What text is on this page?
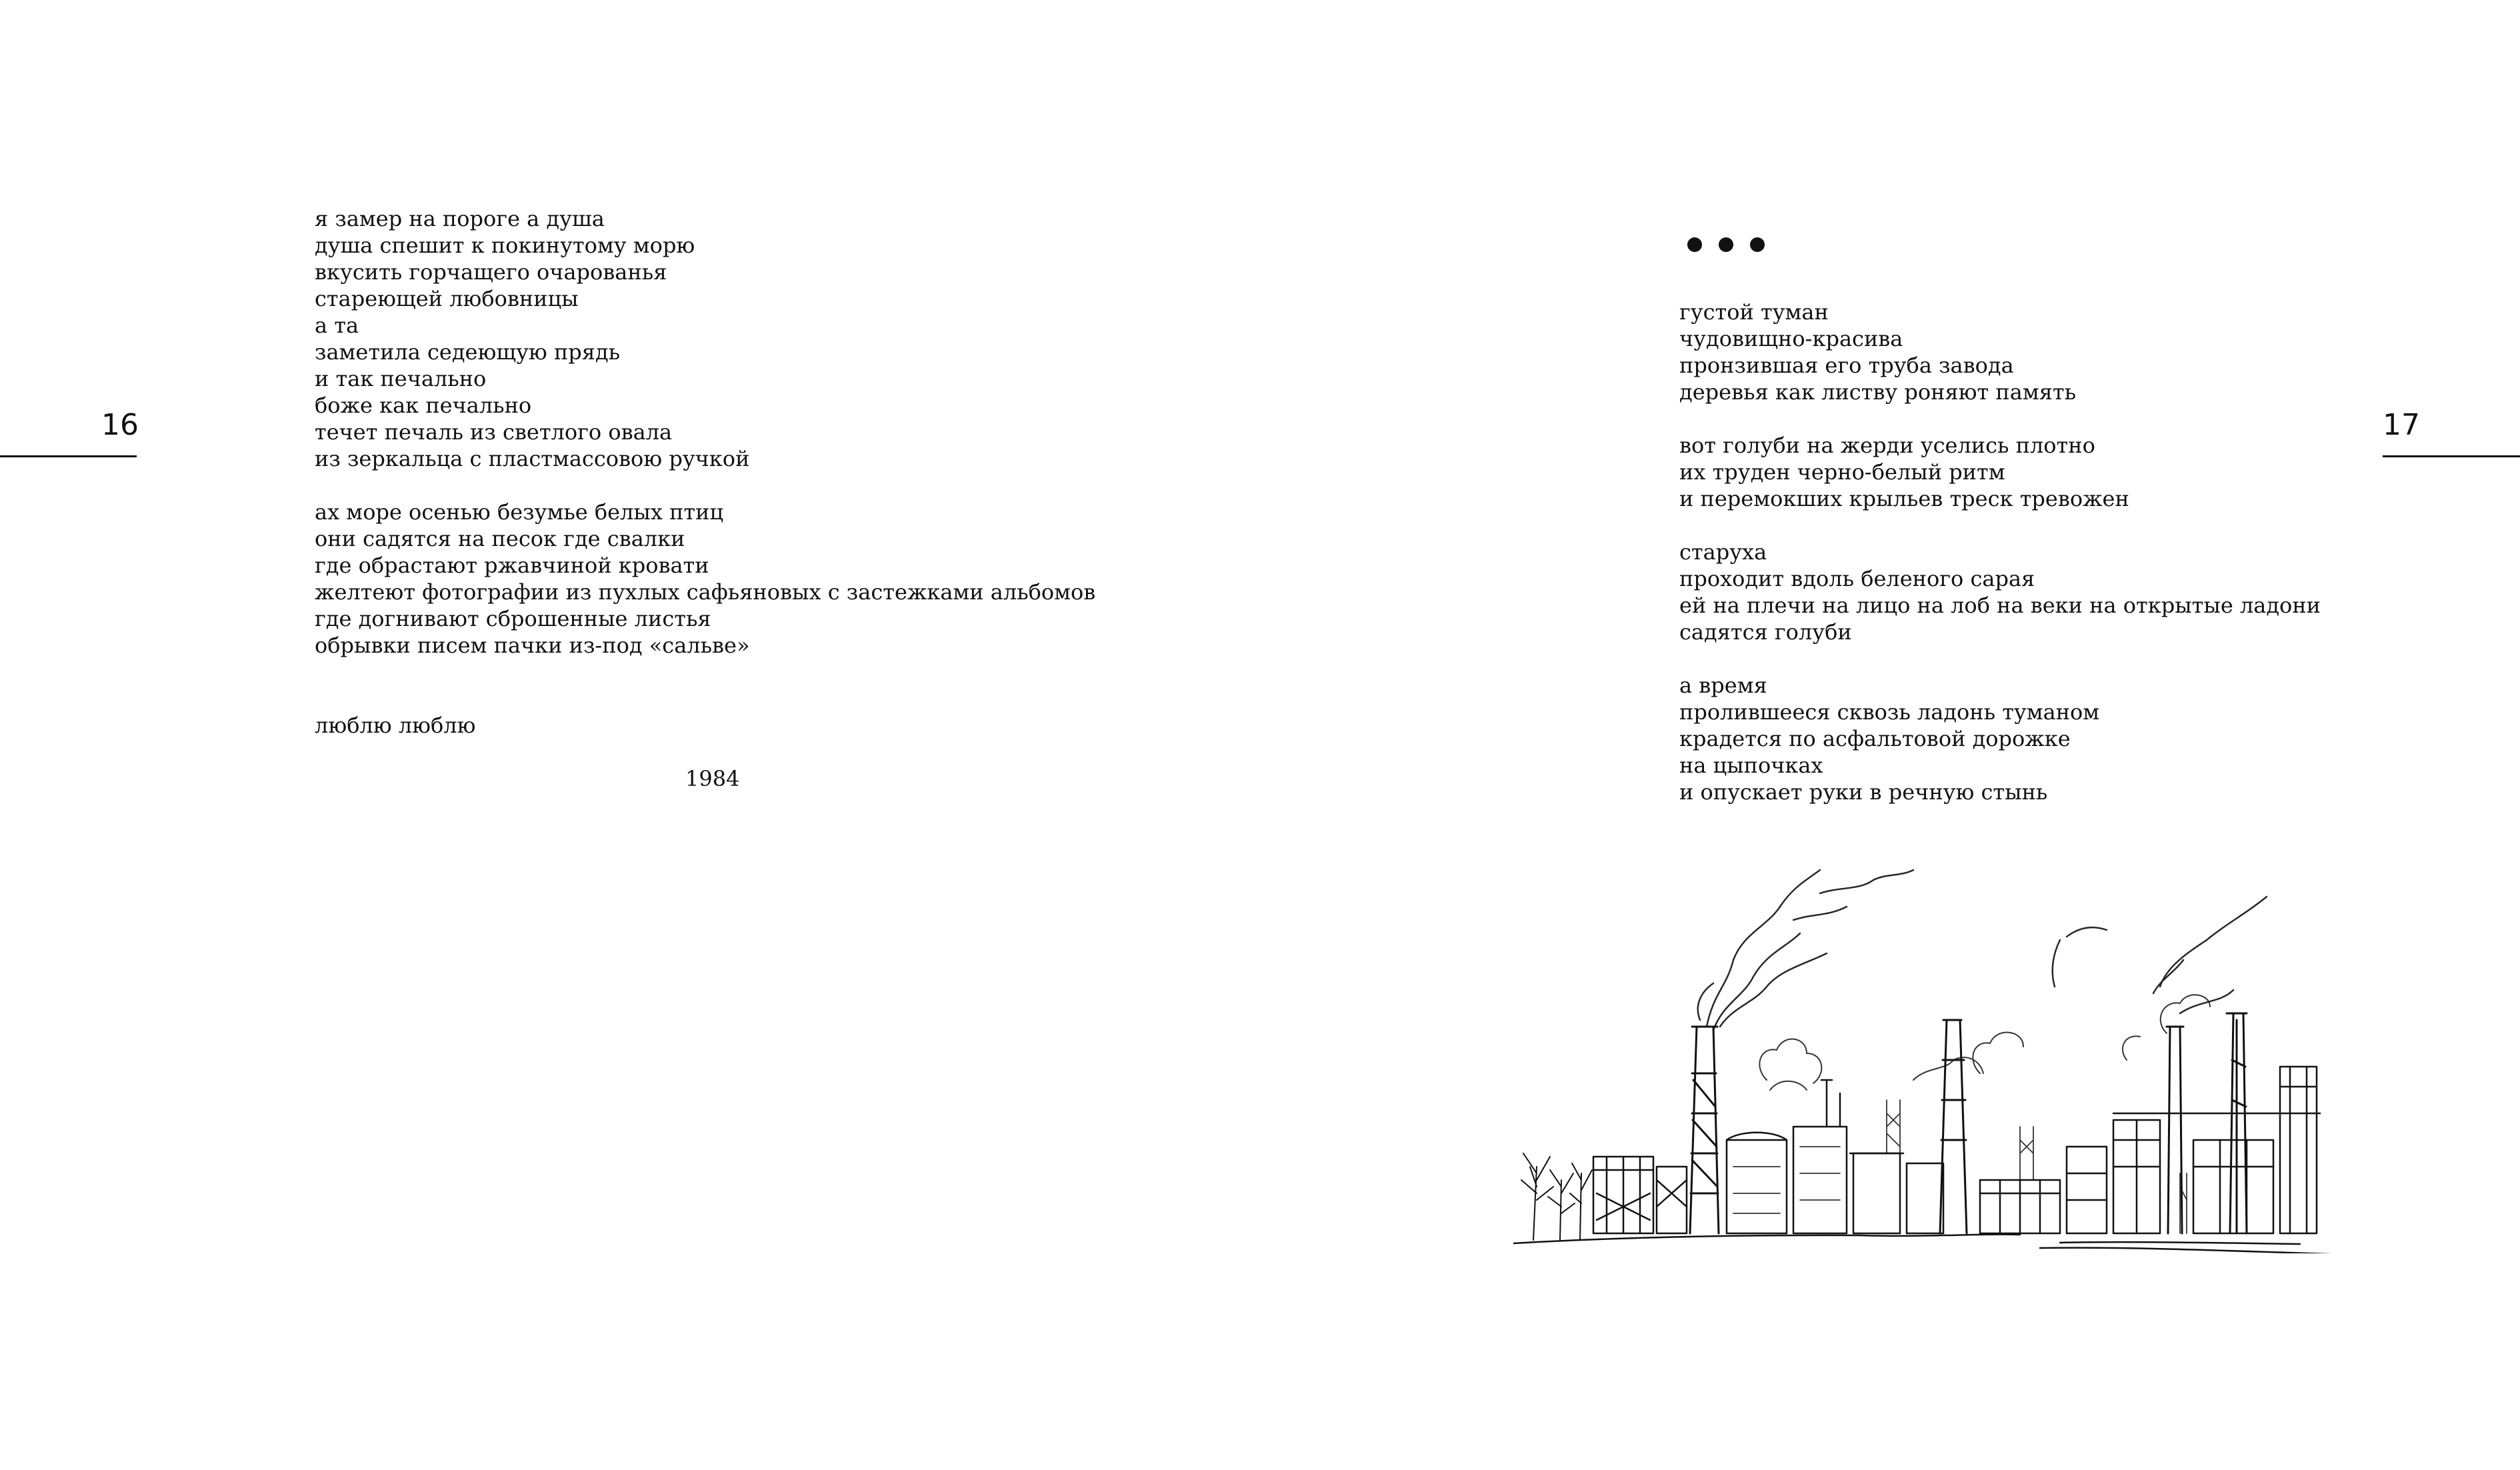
16
я замер на пороге а душа
душа спешит к покинутому морю
вкусить горчащего очарованья
стареющей любовницы
а та
заметила седеющую прядь
и так печально
боже как печально
течет печаль из светлого овала
из зеркальца с пластмассовою ручкой
ах море осенью безумье белых птиц
они садятся на песок где свалки
где обрастают ржавчиной кровати
желтеют фотографии из пухлых сафьяновых с застежками альбомов
где догнивают сброшенные листья
обрывки писем пачки из-под «сальве»
люблю люблю
1984
17
густой туман
чудовищно-красива
пронзившая его труба завода
деревья как листву роняют память
вот голуби на жерди уселись плотно
их труден черно-белый ритм
и перемокших крыльев треск тревожен
старуха
проходит вдоль беленого сарая
ей на плечи на лицо на лоб на веки на открытые ладони
садятся голуби
а время
пролившееся сквозь ладонь туманом
крадется по асфальтовой дорожке
на цыпочках
и опускает руки в речную стынь
